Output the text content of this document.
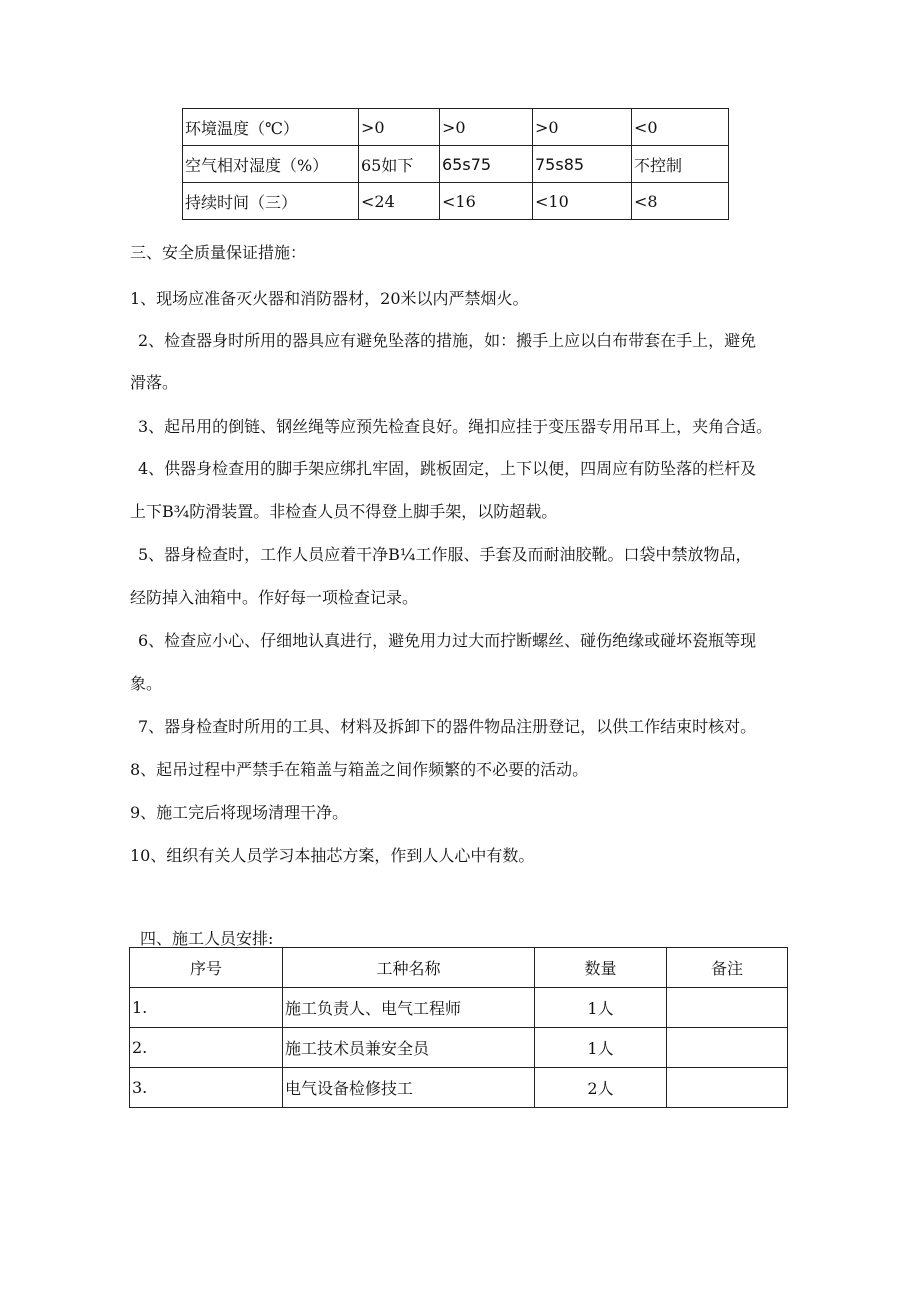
环境温度（℃）	>0	>0	>0	<0
空气相对湿度（%）	65如下	65s75	75s85	不控制
持续时间（三）	<24	<16	<10	<8
三、安全质量保证措施：
1、现场应准备灭火器和消防器材，20米以内严禁烟火。
2、检查器身时所用的器具应有避免坠落的措施，如：搬手上应以白布带套在手上，避免
滑落。
3、起吊用的倒链、钢丝绳等应预先检查良好。绳扣应挂于变压器专用吊耳上，夹角合适。
4、供器身检查用的脚手架应绑扎牢固，跳板固定，上下以便，四周应有防坠落的栏杆及
上下B¾防滑装置。非检查人员不得登上脚手架，以防超载。
5、器身检查时，工作人员应着干净B¼工作服、手套及而耐油胶靴。口袋中禁放物品，
经防掉入油箱中。作好每一项检查记录。
6、检查应小心、仔细地认真进行，避免用力过大而拧断螺丝、碰伤绝缘或碰坏瓷瓶等现
象。
7、器身检查时所用的工具、材料及拆卸下的器件物品注册登记，以供工作结束时核对。
8、起吊过程中严禁手在箱盖与箱盖之间作频繁的不必要的活动。
9、施工完后将现场清理干净。
10、组织有关人员学习本抽芯方案，作到人人心中有数。
四、施工人员安排:
序号	工种名称	数量	备注
1.	施工负责人、电气工程师	1人	
2.	施工技术员兼安全员	1人	
3.	电气设备检修技工	2人	
